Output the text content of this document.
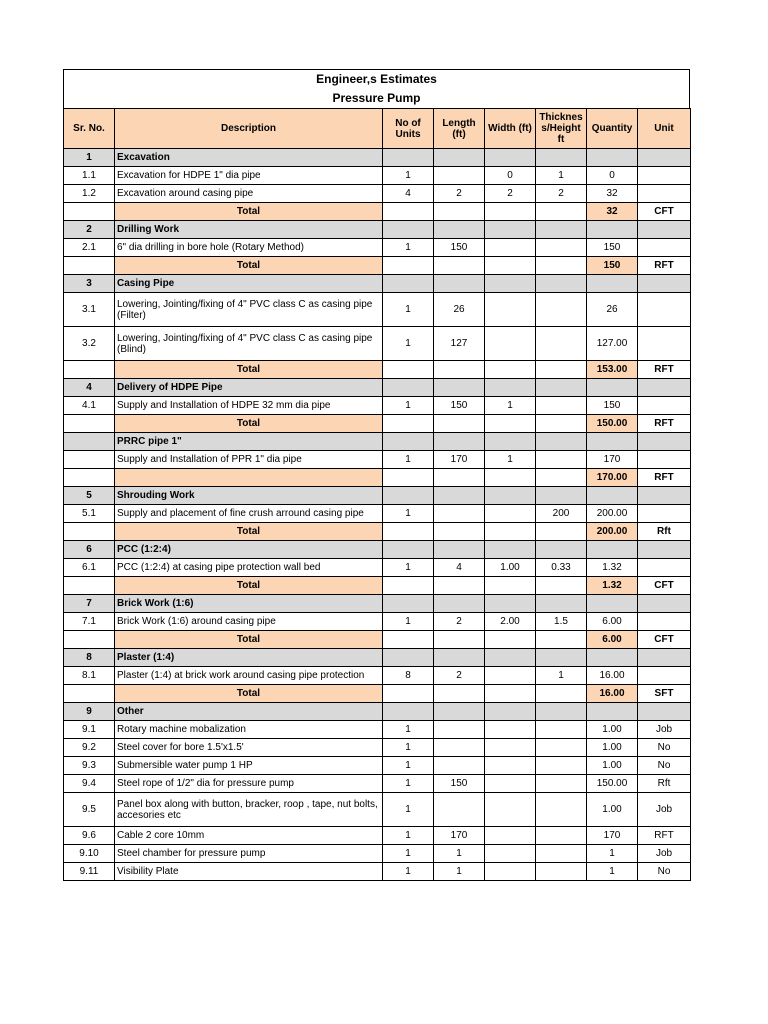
Engineer,s Estimates
Pressure Pump
Sr. No.	Description	No of Units	Length (ft)	Width (ft)	Thicknes s/Height ft	Quantity	Unit
1	Excavation						
1.1	Excavation for HDPE 1" dia pipe	1		0	1	0	
1.2	Excavation around casing pipe	4	2	2	2	32	
	Total					32	CFT
2	Drilling Work						
2.1	6" dia drilling in bore hole (Rotary Method)	1	150			150	
	Total					150	RFT
3	Casing Pipe						
3.1	Lowering, Jointing/fixing of 4" PVC class C as casing pipe (Filter)	1	26			26	
3.2	Lowering, Jointing/fixing of 4" PVC class C as casing pipe (Blind)	1	127			127.00	
	Total					153.00	RFT
4	Delivery of HDPE Pipe						
4.1	Supply and Installation of HDPE 32 mm dia pipe	1	150	1		150	
	Total					150.00	RFT
	PRRC pipe 1"						
	Supply and Installation of PPR 1" dia pipe	1	170	1		170	
						170.00	RFT
5	Shrouding Work						
5.1	Supply and placement of fine crush arround casing pipe	1			200	200.00	
	Total					200.00	Rft
6	PCC (1:2:4)						
6.1	PCC (1:2:4) at casing pipe protection wall bed	1	4	1.00	0.33	1.32	
	Total					1.32	CFT
7	Brick Work (1:6)						
7.1	Brick Work (1:6) around casing pipe	1	2	2.00	1.5	6.00	
	Total					6.00	CFT
8	Plaster (1:4)						
8.1	Plaster (1:4) at brick work around casing pipe protection	8	2		1	16.00	
	Total					16.00	SFT
9	Other						
9.1	Rotary machine mobalization	1				1.00	Job
9.2	Steel cover for bore 1.5'x1.5'	1				1.00	No
9.3	Submersible water pump 1 HP	1				1.00	No
9.4	Steel rope of 1/2" dia for pressure pump	1	150			150.00	Rft
9.5	Panel box along with button, bracker, roop , tape, nut bolts, accesories etc	1				1.00	Job
9.6	Cable 2 core 10mm	1	170			170	RFT
9.10	Steel chamber for pressure pump	1	1			1	Job
9.11	Visibility Plate	1	1			1	No
